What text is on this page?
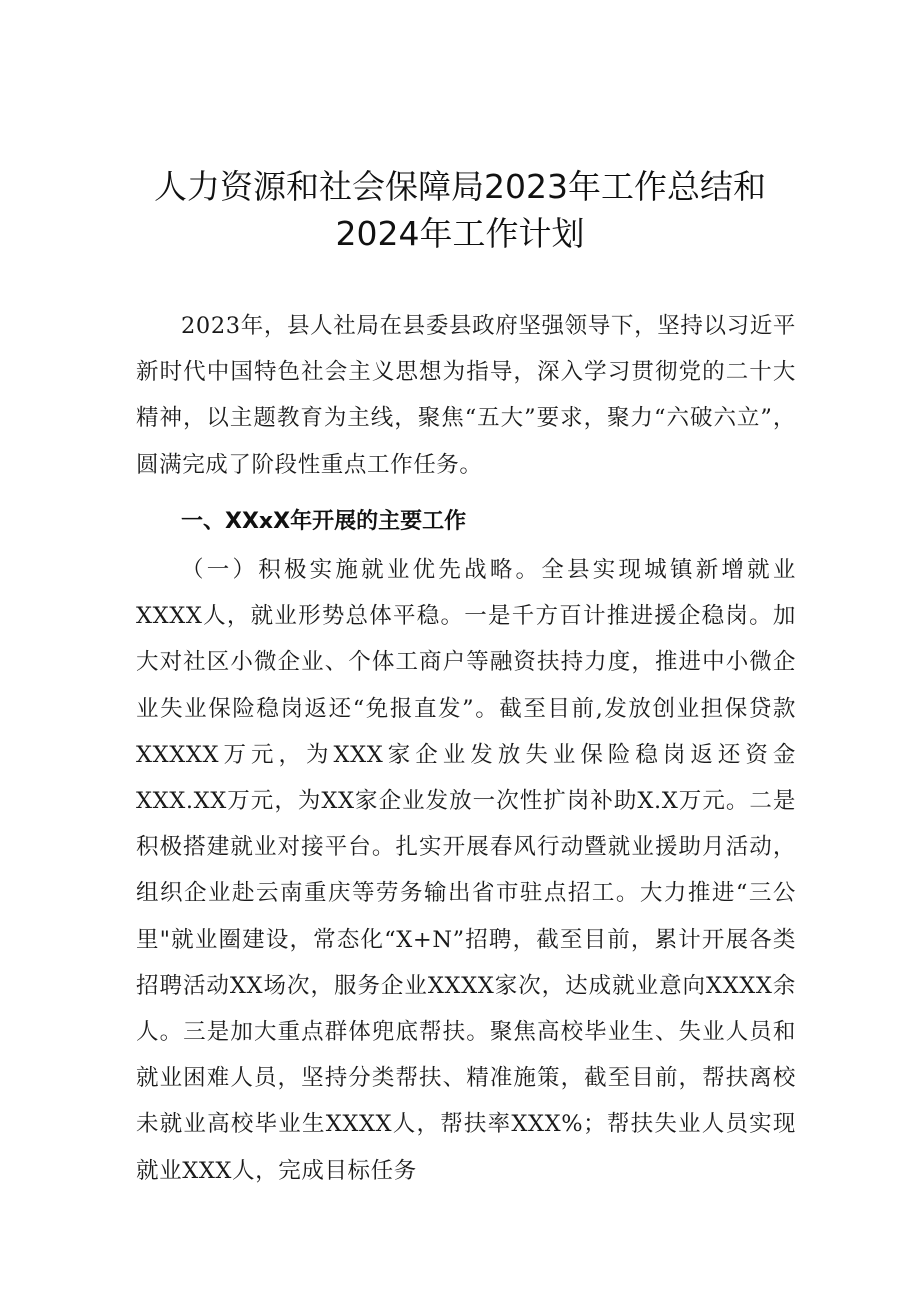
人力资源和社会保障局2023年工作总结和
2024年工作计划

2023年，县人社局在县委县政府坚强领导下，坚持以习近平新时代中国特色社会主义思想为指导，深入学习贯彻党的二十大精神，以主题教育为主线，聚焦“五大”要求，聚力“六破六立”，圆满完成了阶段性重点工作任务。

一、XXxX年开展的主要工作

（一）积极实施就业优先战略。全县实现城镇新增就业XXXX人，就业形势总体平稳。一是千方百计推进援企稳岗。加大对社区小微企业、个体工商户等融资扶持力度，推进中小微企业失业保险稳岗返还“免报直发”。截至目前,发放创业担保贷款XXXXX万元，为XXX家企业发放失业保险稳岗返还资金XXX.XX万元，为XX家企业发放一次性扩岗补助X.X万元。二是积极搭建就业对接平台。扎实开展春风行动暨就业援助月活动，组织企业赴云南重庆等劳务输出省市驻点招工。大力推进“三公里"就业圈建设，常态化“X+N”招聘，截至目前，累计开展各类招聘活动XX场次，服务企业XXXX家次，达成就业意向XXXX余人。三是加大重点群体兜底帮扶。聚焦高校毕业生、失业人员和就业困难人员，坚持分类帮扶、精准施策，截至目前，帮扶离校未就业高校毕业生XXXX人，帮扶率XXX%；帮扶失业人员实现就业XXX人，完成目标任务
